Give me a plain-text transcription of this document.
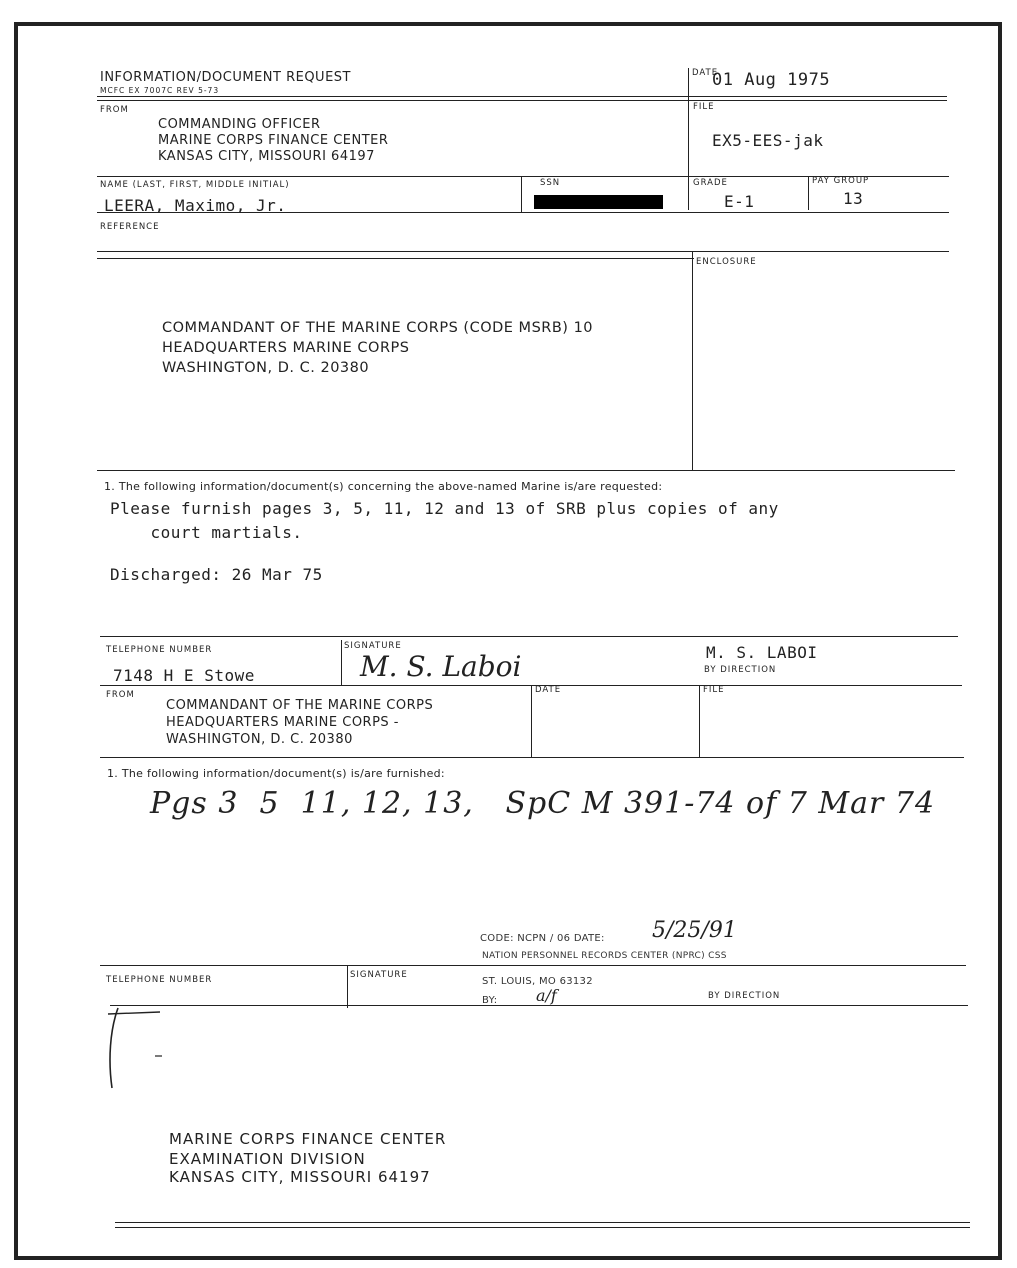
INFORMATION/DOCUMENT REQUEST
MCFC EX 7007C REV 5-73
DATE
01 Aug 1975
FROM
COMMANDING OFFICER
MARINE CORPS FINANCE CENTER
KANSAS CITY, MISSOURI 64197
FILE
EX5-EES-jak
NAME (LAST, FIRST, MIDDLE INITIAL)
LEERA, Maximo, Jr.
SSN	GRADE
E-1
PAY GROUP
13
REFERENCE
ENCLOSURE
COMMANDANT OF THE MARINE CORPS (CODE MSRB) 10
HEADQUARTERS MARINE CORPS
WASHINGTON, D. C. 20380
1. The following information/document(s) concerning the above-named Marine is/are requested:
Please furnish pages 3, 5, 11, 12 and 13 of SRB plus copies of any
court martials.
Discharged: 26 Mar 75
TELEPHONE NUMBER
7148 H E Stowe
SIGNATURE
M. S. Laboi	M. S. LABOI
BY DIRECTION
FROM
COMMANDANT OF THE MARINE CORPS
HEADQUARTERS MARINE CORPS -
WASHINGTON, D. C. 20380
DATE	FILE
1. The following information/document(s) is/are furnished:
Pgs 3  5  11, 12, 13,   SpC M 391-74 of 7 Mar 74
CODE: NCPN / 06 DATE: 5/25/91
NATION PERSONNEL RECORDS CENTER (NPRC) CSS
TELEPHONE NUMBER	SIGNATURE
ST. LOUIS, MO 63132
BY: a/f	BY DIRECTION
MARINE CORPS FINANCE CENTER
EXAMINATION DIVISION
KANSAS CITY, MISSOURI 64197
